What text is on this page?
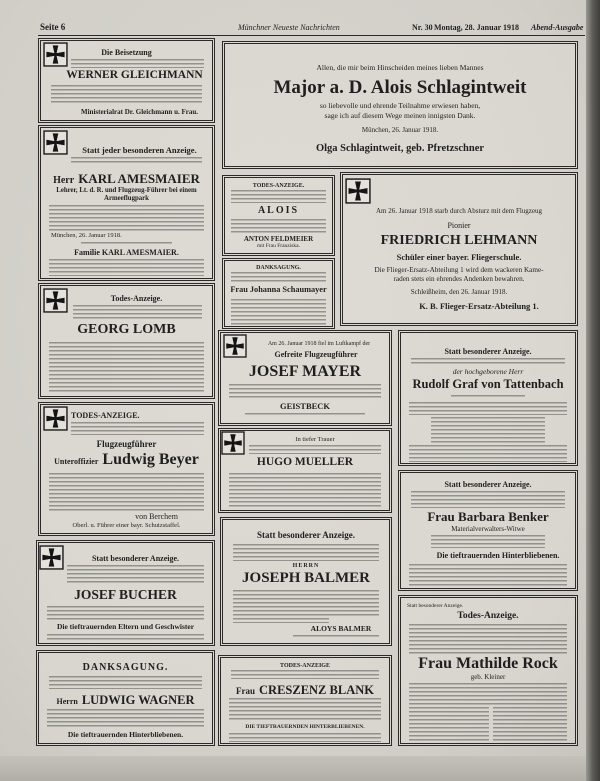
Seite 6	Münchner Neueste Nachrichten	Nr. 30 Montag, 28. Januar 1918 Abend-Ausgabe
Die Beisetzung
WERNER GLEICHMANN
Ministerialrat Dr. Gleichmann u. Frau.
Statt jeder besonderen Anzeige.
Herr KARL AMESMAIER
Lehrer, Lt. d. R. und Flugzeug-Führer bei einem
Armeeflugpark
München, 26. Januar 1918.
Familie KARL AMESMAIER.
Todes-Anzeige.
GEORG LOMB
TODES-ANZEIGE.
Flugzeugführer
Unteroffizier Ludwig Beyer
von Berchem
Oberl. u. Führer einer bayr. Schutzstaffel.
Statt besonderer Anzeige.
JOSEF BUCHER
Die tieftrauernden Eltern und Geschwister
DANKSAGUNG.
Herrn LUDWIG WAGNER
Die tieftrauernden Hinterbliebenen.
Allen, die mir beim Hinscheiden meines lieben Mannes
Major a. D. Alois Schlagintweit
so liebevolle und ehrende Teilnahme erwiesen haben,
sage ich auf diesem Wege meinen innigsten Dank.
München, 26. Januar 1918.
Olga Schlagintweit, geb. Pfretzschner
TODES-ANZEIGE.
ALOIS
ANTON FELDMEIER
mit Frau Franziska.
DANKSAGUNG.
Frau Johanna Schaumayer
Am 26. Januar 1918 starb durch Absturz mit dem Flugzeug
Pionier
FRIEDRICH LEHMANN
Schüler einer bayer. Fliegerschule.
Die Flieger-Ersatz-Abteilung 1 wird dem wackeren Kame-
raden stets ein ehrendes Andenken bewahren.
Schleißheim, den 26. Januar 1918.
K. B. Flieger-Ersatz-Abteilung 1.
Am 26. Januar 1918 fiel im Luftkampf der
Gefreite Flugzeugführer
JOSEF MAYER
GEISTBECK
In tiefer Trauer
HUGO MUELLER
Statt besonderer Anzeige.
HERRN
JOSEPH BALMER
ALOYS BALMER
TODES-ANZEIGE
Frau CRESZENZ BLANK
DIE TIEFTRAUERNDEN HINTERBLIEBENEN.
Statt besonderer Anzeige.
der hochgeborene Herr
Rudolf Graf von Tattenbach
Statt besonderer Anzeige.
Frau Barbara Benker
Materialverwalters-Witwe
Die tieftrauernden Hinterbliebenen.
Statt besonderer Anzeige.
Todes-Anzeige.
Frau Mathilde Rock
geb. Kleiner
